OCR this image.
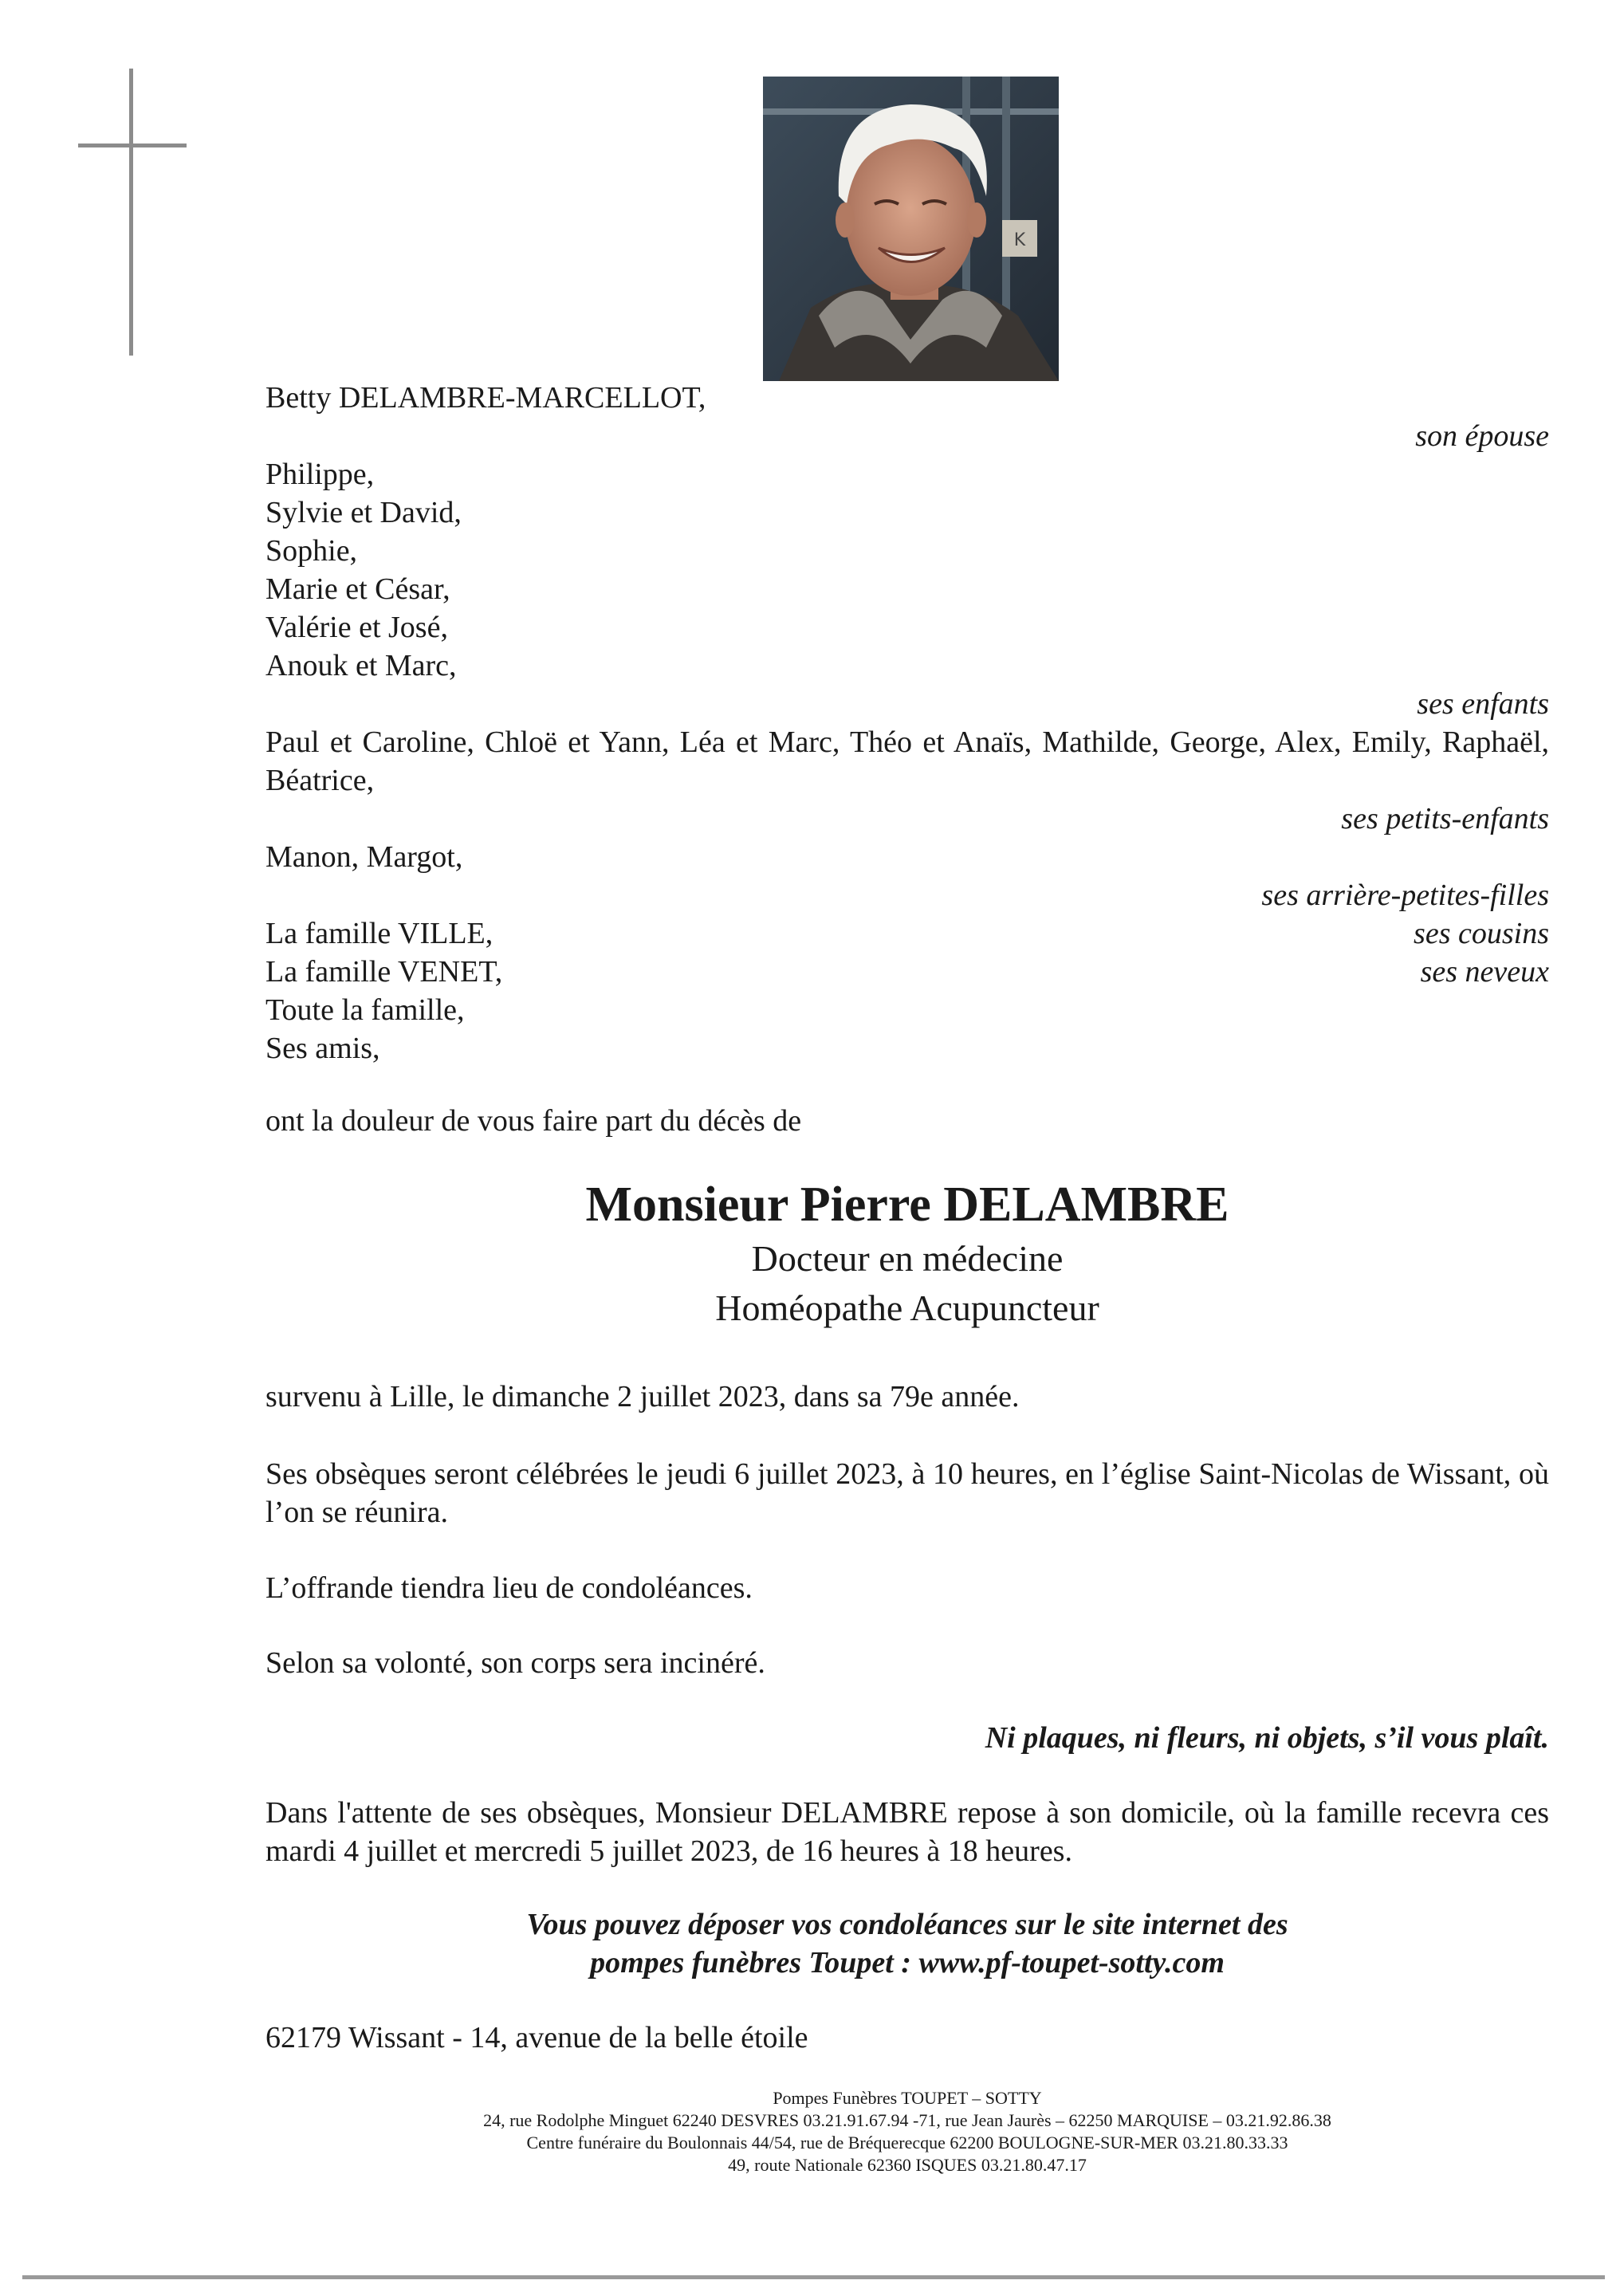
K
Betty DELAMBRE-MARCELLOT,
son épouse
Philippe,
Sylvie et David,
Sophie,
Marie et César,
Valérie et José,
Anouk et Marc,
ses enfants
Paul et Caroline, Chloë et Yann, Léa et Marc, Théo et Anaïs, Mathilde, George, Alex, Emily, Raphaël, Béatrice,
ses petits-enfants
Manon, Margot,
ses arrière-petites-filles
La famille VILLE,	ses cousins
La famille VENET,	ses neveux
Toute la famille,
Ses amis,
ont la douleur de vous faire part du décès de
Monsieur Pierre DELAMBRE
Docteur en médecine
Homéopathe Acupuncteur
survenu à Lille, le dimanche 2 juillet 2023, dans sa 79e année.
Ses obsèques seront célébrées le jeudi 6 juillet 2023, à 10 heures, en l’église Saint-Nicolas de Wissant, où l’on se réunira.
L’offrande tiendra lieu de condoléances.
Selon sa volonté, son corps sera incinéré.
Ni plaques, ni fleurs, ni objets, s’il vous plaît.
Dans l'attente de ses obsèques, Monsieur DELAMBRE repose à son domicile, où la famille recevra ces mardi 4 juillet et mercredi 5 juillet 2023, de 16 heures à 18 heures.
Vous pouvez déposer vos condoléances sur le site internet des
pompes funèbres Toupet : www.pf-toupet-sotty.com
62179 Wissant - 14, avenue de la belle étoile
Pompes Funèbres TOUPET – SOTTY
24, rue Rodolphe Minguet 62240 DESVRES 03.21.91.67.94 -71, rue Jean Jaurès – 62250 MARQUISE – 03.21.92.86.38
Centre funéraire du Boulonnais 44/54, rue de Bréquerecque 62200 BOULOGNE-SUR-MER 03.21.80.33.33
49, route Nationale 62360 ISQUES 03.21.80.47.17
